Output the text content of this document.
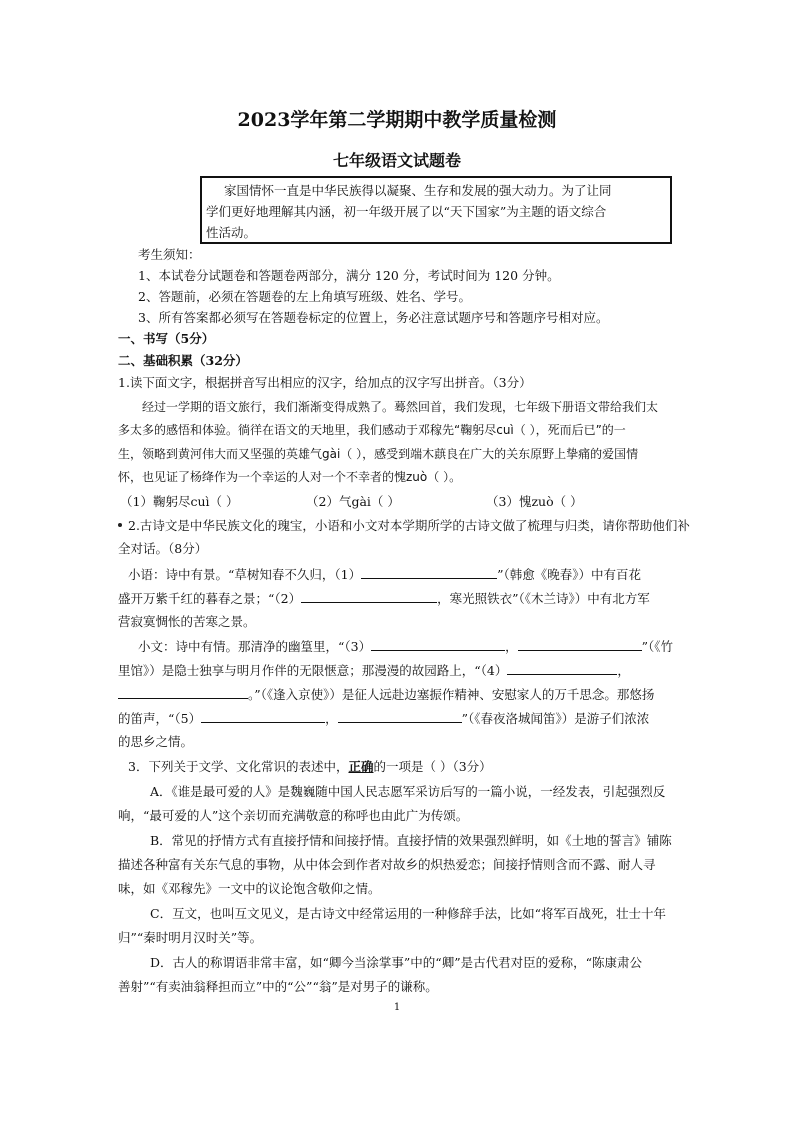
2023学年第二学期期中教学质量检测
七年级语文试题卷
家国情怀一直是中华民族得以凝聚、生存和发展的强大动力。为了让同
学们更好地理解其内涵，初一年级开展了以“天下国家”为主题的语文综合
性活动。
考生须知：
1、本试卷分试题卷和答题卷两部分，满分 120 分，考试时间为 120 分钟。
2、答题前，必须在答题卷的左上角填写班级、姓名、学号。
3、所有答案都必须写在答题卷标定的位置上，务必注意试题序号和答题序号相对应。
一、书写（5分）
二、基础积累（32分）
1.读下面文字，根据拼音写出相应的汉字，给加点的汉字写出拼音。（3分）
经过一学期的语文旅行，我们渐渐变得成熟了。蓦然回首，我们发现，七年级下册语文带给我们太
多太多的感悟和体验。徜徉在语文的天地里，我们感动于邓稼先“鞠躬尽cuì（ ），死而后已”的一
生，领略到黄河伟大而又坚强的英雄气gài（ ），感受到端木蕻良在广大的关东原野上挚痛的爱国情
怀，也见证了杨绛作为一个幸运的人对一个不幸者的愧zuò（ ）。
（1）鞠躬尽cuì（ ）	（2）气gài（ ）	（3）愧zuò（ ）
2.古诗文是中华民族文化的瑰宝，小语和小文对本学期所学的古诗文做了梳理与归类，请你帮助他们补
全对话。（8分）
小语：诗中有景。“草树知春不久归，（1）	”（韩愈《晚春》）中有百花
盛开万紫千红的暮春之景；“（2）	，寒光照铁衣”（《木兰诗》）中有北方军
营寂寞惆怅的苦寒之景。
小文：诗中有情。那清净的幽篁里，“（3）	，	”（《竹
里馆》）是隐士独享与明月作伴的无限惬意；那漫漫的故园路上，“（4）	，
。”（《逢入京使》）是征人远赴边塞振作精神、安慰家人的万千思念。那悠扬
的笛声，“（5）	，	”（《春夜洛城闻笛》）是游子们浓浓
的思乡之情。
3．下列关于文学、文化常识的表述中，正确的一项是（ ）（3分）
A．《谁是最可爱的人》是魏巍随中国人民志愿军采访后写的一篇小说，一经发表，引起强烈反
响，“最可爱的人”这个亲切而充满敬意的称呼也由此广为传颂。
B．常见的抒情方式有直接抒情和间接抒情。直接抒情的效果强烈鲜明，如《土地的誓言》铺陈
描述各种富有关东气息的事物，从中体会到作者对故乡的炽热爱恋；间接抒情则含而不露、耐人寻
味，如《邓稼先》一文中的议论饱含敬仰之情。
C．互文，也叫互文见义，是古诗文中经常运用的一种修辞手法，比如“将军百战死，壮士十年
归”“秦时明月汉时关”等。
D．古人的称谓语非常丰富，如“卿今当涂掌事”中的“卿”是古代君对臣的爱称，“陈康肃公
善射”“有卖油翁释担而立”中的“公”“翁”是对男子的谦称。
1
